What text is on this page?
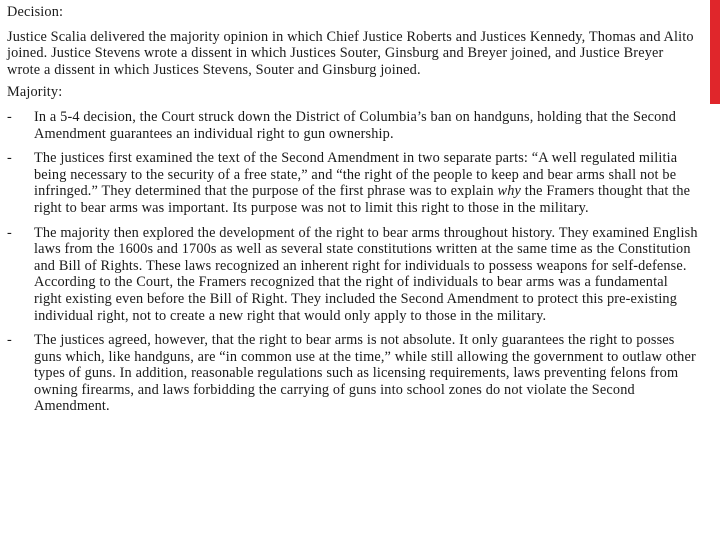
Decision:
Justice Scalia delivered the majority opinion in which Chief Justice Roberts and Justices Kennedy, Thomas and Alito joined. Justice Stevens wrote a dissent in which Justices Souter, Ginsburg and Breyer joined, and Justice Breyer wrote a dissent in which Justices Stevens, Souter and Ginsburg joined.
Majority:
-	In a 5-4 decision, the Court struck down the District of Columbia’s ban on handguns, holding that the Second Amendment guarantees an individual right to gun ownership.
-	The justices first examined the text of the Second Amendment in two separate parts: “A well regulated militia being necessary to the security of a free state,” and “the right of the people to keep and bear arms shall not be infringed.” They determined that the purpose of the first phrase was to explain why the Framers thought that the right to bear arms was important. Its purpose was not to limit this right to those in the military.
-	The majority then explored the development of the right to bear arms throughout history. They examined English laws from the 1600s and 1700s as well as several state constitutions written at the same time as the Constitution and Bill of Rights. These laws recognized an inherent right for individuals to possess weapons for self-defense. According to the Court, the Framers recognized that the right of individuals to bear arms was a fundamental right existing even before the Bill of Right. They included the Second Amendment to protect this pre-existing individual right, not to create a new right that would only apply to those in the military.
-	The justices agreed, however, that the right to bear arms is not absolute. It only guarantees the right to posses guns which, like handguns, are “in common use at the time,” while still allowing the government to outlaw other types of guns. In addition, reasonable regulations such as licensing requirements, laws preventing felons from owning firearms, and laws forbidding the carrying of guns into school zones do not violate the Second Amendment.
